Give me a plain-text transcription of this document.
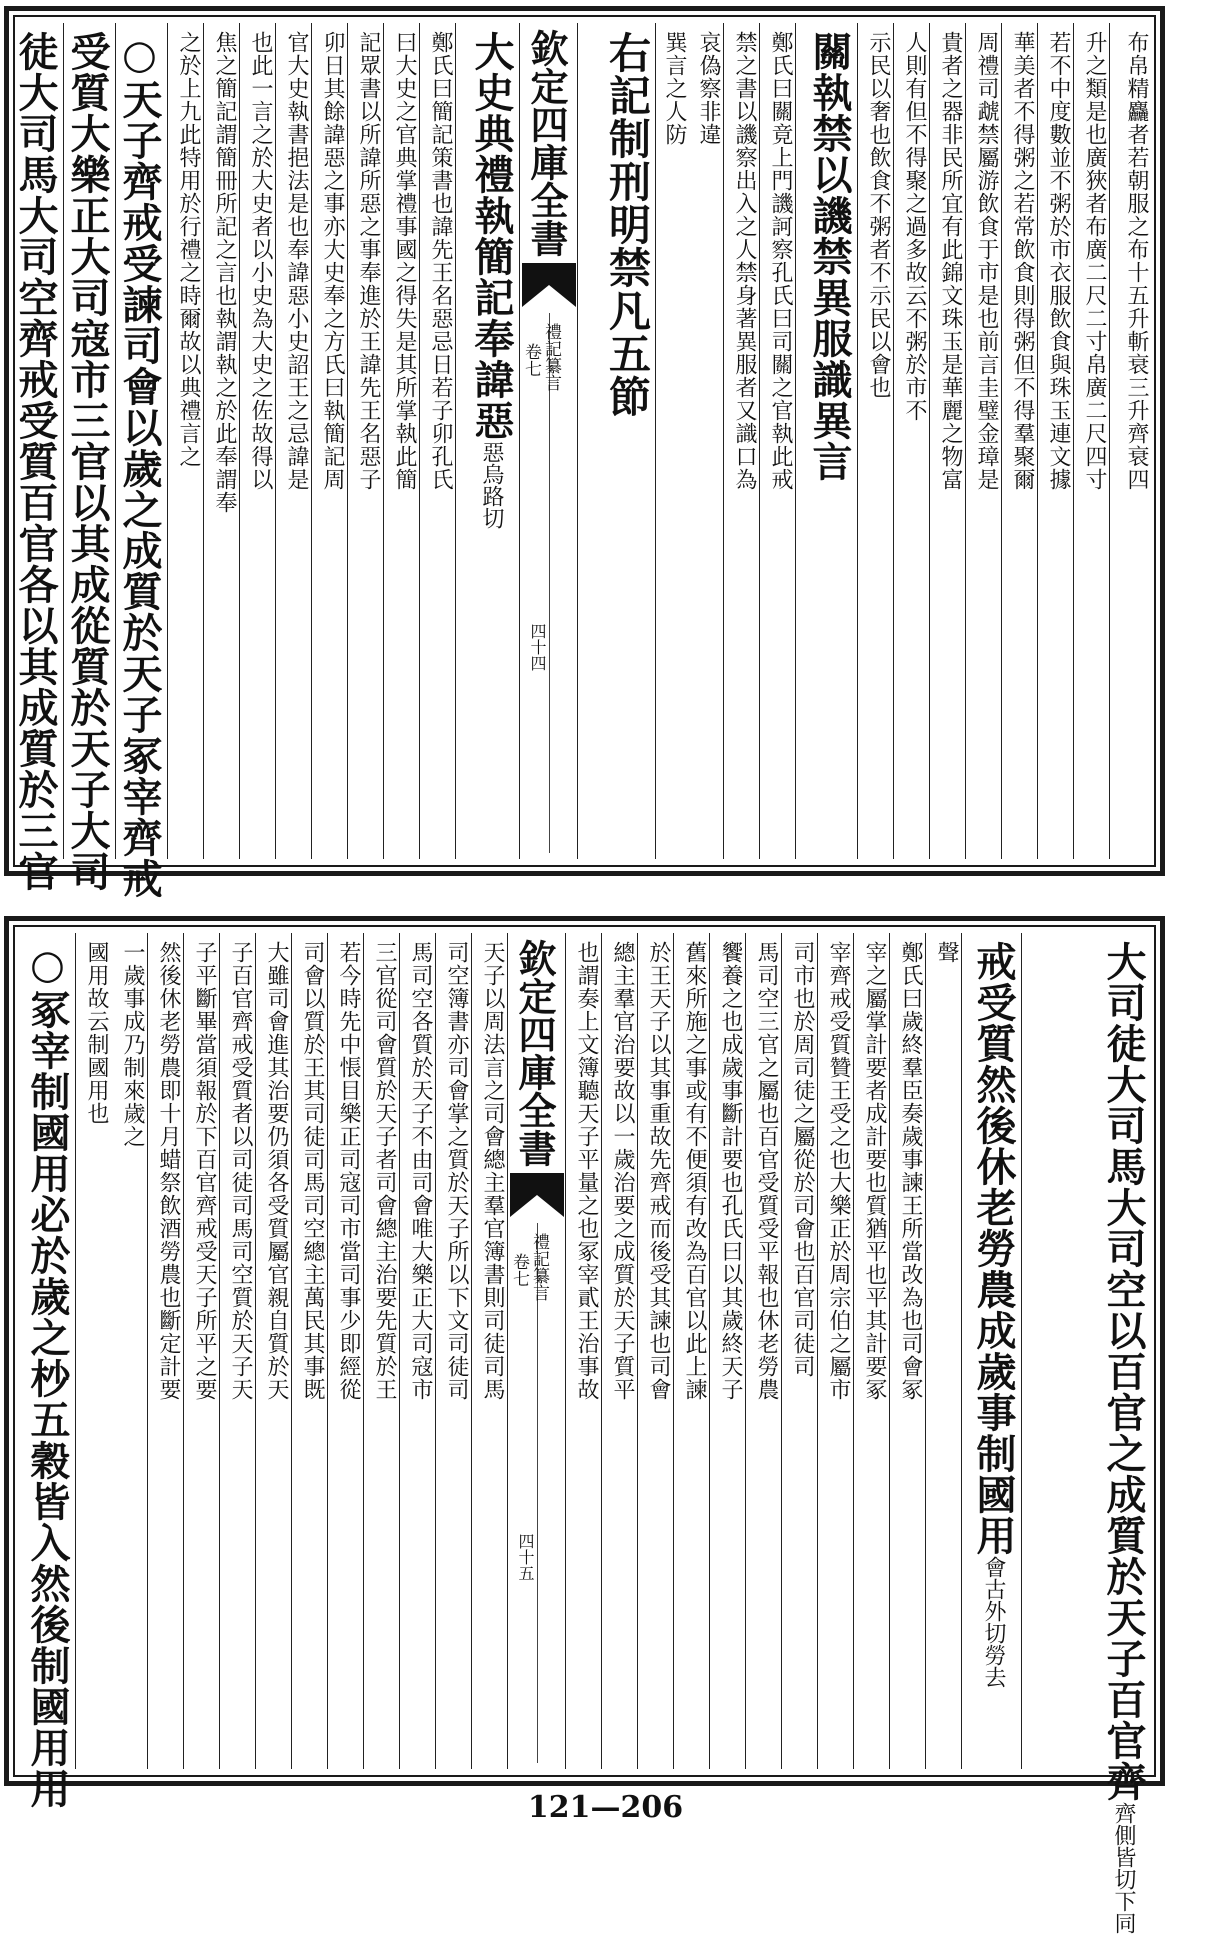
徒大司馬大司空齊戒受質百官各以其成質於三官 受質大樂正大司寇市三官以其成從質於天子大司 ○天子齊戒受諫司會以歲之成質於天子冢宰齊戒 之於上九此特用於行禮之時爾故以典禮言之 焦之簡記謂簡冊所記之言也執謂執之於此奉謂奉 也此一言之於大史者以小史為大史之佐故得以 官大史執書挹法是也奉諱惡小史詔王之忌諱是 卯日其餘諱惡之事亦大史奉之方氏曰執簡記周 記眾書以所諱所惡之事奉進於王諱先王名惡子 曰大史之官典掌禮事國之得失是其所掌執此簡 鄭氏曰簡記策書也諱先王名惡忌日若子卯孔氏 大史典禮執簡記奉諱惡惡烏路切
欽定四庫全書
禮記纂言
卷七
四十四
右記制刑明禁凡五節 巽言之人防 哀偽察非違 禁之書以譏察出入之人禁身著異服者又識口為 鄭氏曰關竟上門譏訶察孔氏曰司關之官執此戒 關執禁以譏禁異服識異言 示民以奢也飲食不粥者不示民以會也 人則有但不得聚之過多故云不粥於市不 貴者之器非民所宜有此錦文珠玉是華麗之物富 周禮司虣禁屬游飲食于市是也前言圭璧金璋是 華美者不得粥之若常飲食則得粥但不得羣聚爾 若不中度數並不粥於市衣服飲食與珠玉連文據 升之類是也廣狹者布廣二尺二寸帛廣二尺四寸 布帛精麤者若朝服之布十五升斬衰三升齊衰四
○冢宰制國用必於歲之杪五穀皆入然後制國用用 國用故云制國用也 一歲事成乃制來歲之 然後休老勞農即十月蜡祭飲酒勞農也斷定計要 子平斷畢當須報於下百官齊戒受天子所平之要 子百官齊戒受質者以司徒司馬司空質於天子天 大雖司會進其治要仍須各受質屬官親自質於天 司會以質於王其司徒司馬司空總主萬民其事既 若今時先中悵目樂正司寇司市當司事少即經從 三官從司會質於天子者司會總主治要先質於王 馬司空各質於天子不由司會唯大樂正大司寇市 司空簿書亦司會掌之質於天子所以下文司徒司 天子以周法言之司會總主羣官簿書則司徒司馬 欽定四庫全書
禮記纂言
卷七
四十五
也謂奏上文簿聽天子平量之也冢宰貳王治事故 總主羣官治要故以一歲治要之成質於天子質平 於王天子以其事重故先齊戒而後受其諫也司會 舊來所施之事或有不便須有改為百官以此上諫 饗養之也成歲事斷計要也孔氏曰以其歲終天子 馬司空三官之屬也百官受質受平報也休老勞農 司市也於周司徒之屬從於司會也百官司徒司 宰齊戒受質贊王受之也大樂正於周宗伯之屬市 宰之屬掌計要者成計要也質猶平也平其計要冢 鄭氏曰歲終羣臣奏歲事諫王所當改為也司會冢 聲 戒受質然後休老勞農成歲事制國用會古外切勞去	大司徒大司馬大司空以百官之成質於天子百官齊齊側皆切下同
121—206
